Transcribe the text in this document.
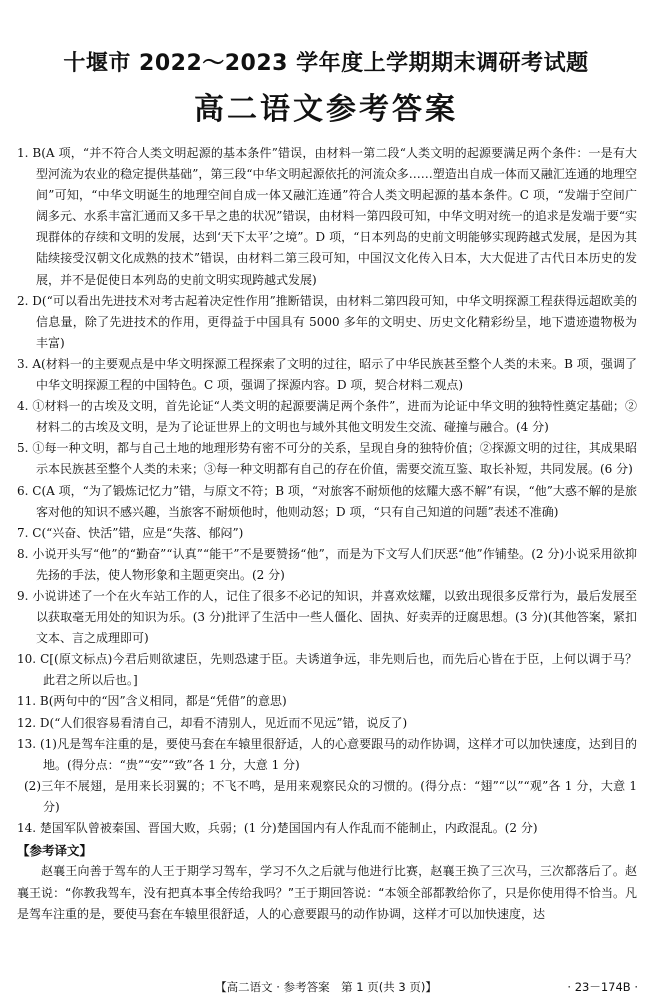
十堰市 2022～2023 学年度上学期期末调研考试题
高二语文参考答案
1. B(A 项，“并不符合人类文明起源的基本条件”错误，由材料一第二段“人类文明的起源要满足两个条件：一是有大型河流为农业的稳定提供基础”，第三段“中华文明起源依托的河流众多……塑造出自成一体而又融汇连通的地理空间”可知，“中华文明诞生的地理空间自成一体又融汇连通”符合人类文明起源的基本条件。C 项，“发端于空间广阔多元、水系丰富汇通而又多干旱之患的状况”错误，由材料一第四段可知，中华文明对统一的追求是发端于要“实现群体的存续和文明的发展，达到‘天下太平’之境”。D 项，“日本列岛的史前文明能够实现跨越式发展，是因为其陆续接受汉朝文化成熟的技术”错误，由材料二第三段可知，中国汉文化传入日本，大大促进了古代日本历史的发展，并不是促使日本列岛的史前文明实现跨越式发展)
2. D(“可以看出先进技术对考古起着决定性作用”推断错误，由材料二第四段可知，中华文明探源工程获得远超欧美的信息量，除了先进技术的作用，更得益于中国具有 5000 多年的文明史、历史文化精彩纷呈，地下遗迹遗物极为丰富)
3. A(材料一的主要观点是中华文明探源工程探索了文明的过往，昭示了中华民族甚至整个人类的未来。B 项，强调了中华文明探源工程的中国特色。C 项，强调了探源内容。D 项，契合材料二观点)
4. ①材料一的古埃及文明，首先论证“人类文明的起源要满足两个条件”，进而为论证中华文明的独特性奠定基础；②材料二的古埃及文明，是为了论证世界上的文明也与域外其他文明发生交流、碰撞与融合。(4 分)
5. ①每一种文明，都与自己土地的地理形势有密不可分的关系，呈现自身的独特价值；②探源文明的过往，其成果昭示本民族甚至整个人类的未来；③每一种文明都有自己的存在价值，需要交流互鉴、取长补短，共同发展。(6 分)
6. C(A 项，“为了锻炼记忆力”错，与原文不符；B 项，“对旅客不耐烦他的炫耀大惑不解”有误，“他”大惑不解的是旅客对他的知识不感兴趣，当旅客不耐烦他时，他则动怒；D 项，“只有自己知道的问题”表述不准确)
7. C(“兴奋、快活”错，应是“失落、郁闷”)
8. 小说开头写“他”的“勤奋”“认真”“能干”不是要赞扬“他”，而是为下文写人们厌恶“他”作铺垫。(2 分)小说采用欲抑先扬的手法，使人物形象和主题更突出。(2 分)
9. 小说讲述了一个在火车站工作的人，记住了很多不必记的知识，并喜欢炫耀，以致出现很多反常行为，最后发展至以获取毫无用处的知识为乐。(3 分)批评了生活中一些人僵化、固执、好卖弄的迂腐思想。(3 分)(其他答案，紧扣文本、言之成理即可)
10. C[(原文标点)今君后则欲逮臣，先则恐逮于臣。夫诱道争远，非先则后也，而先后心皆在于臣，上何以调于马？此君之所以后也。]
11. B(两句中的“因”含义相同，都是“凭借”的意思)
12. D(“人们很容易看清自己，却看不清别人，见近而不见远”错，说反了)
13. (1)凡是驾车注重的是，要使马套在车辕里很舒适，人的心意要跟马的动作协调，这样才可以加快速度，达到目的地。(得分点：“贵”“安”“致”各 1 分，大意 1 分)
(2)三年不展翅，是用来长羽翼的；不飞不鸣，是用来观察民众的习惯的。(得分点：“翅”“以”“观”各 1 分，大意 1 分)
14. 楚国军队曾被秦国、晋国大败，兵弱；(1 分)楚国国内有人作乱而不能制止，内政混乱。(2 分)
【参考译文】
赵襄王向善于驾车的人王于期学习驾车，学习不久之后就与他进行比赛，赵襄王换了三次马，三次都落后了。赵襄王说：“你教我驾车，没有把真本事全传给我吗？”王于期回答说：“本领全部都教给你了，只是你使用得不恰当。凡是驾车注重的是，要使马套在车辕里很舒适，人的心意要跟马的动作协调，这样才可以加快速度，达
【高二语文 · 参考答案　第 1 页(共 3 页)】	· 23－174B ·
